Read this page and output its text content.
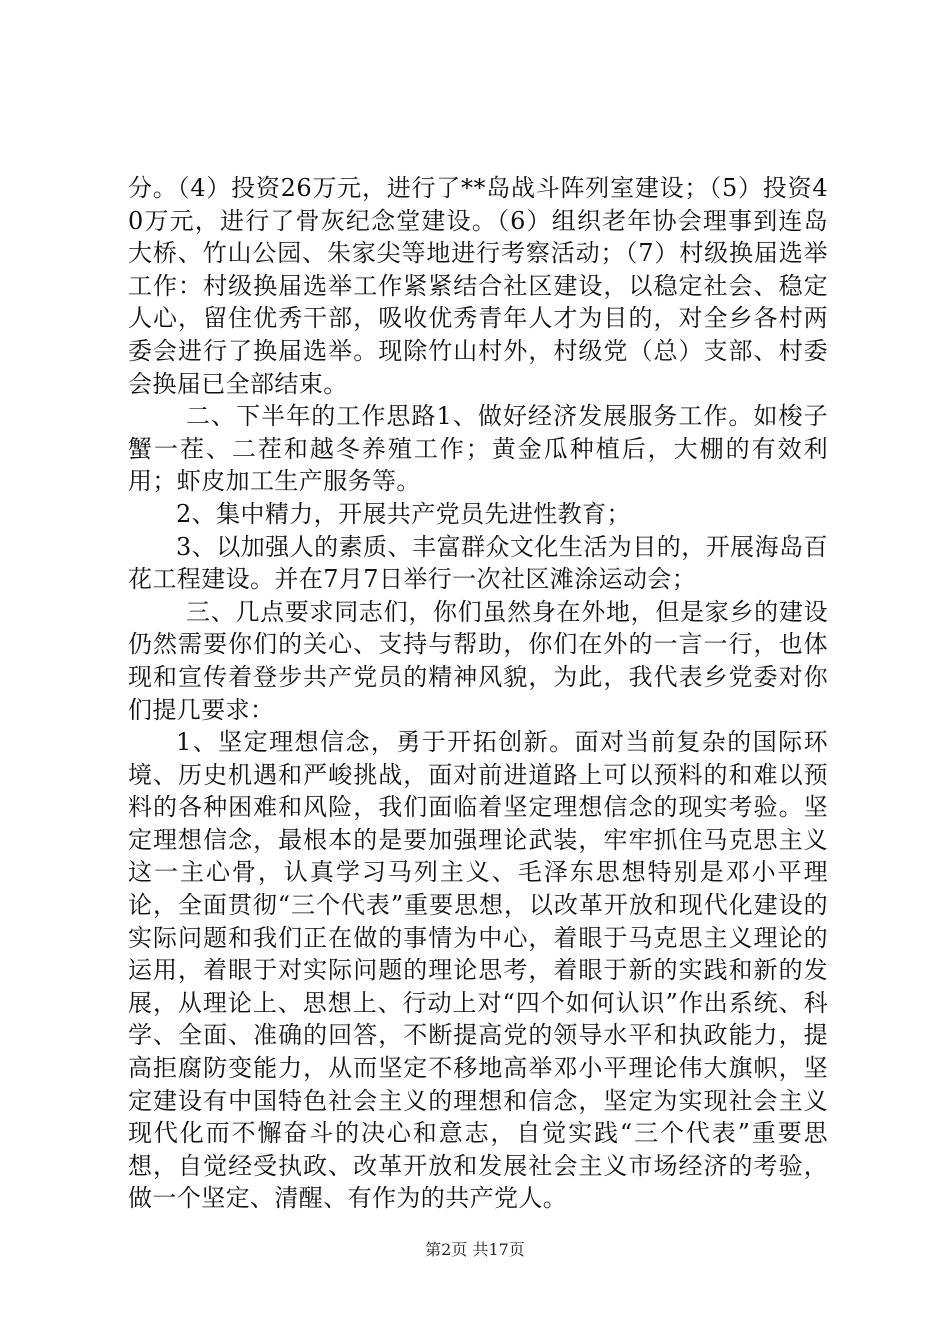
分。（4）投资26万元，进行了**岛战斗阵列室建设；（5）投资40万元，进行了骨灰纪念堂建设。（6）组织老年协会理事到连岛大桥、竹山公园、朱家尖等地进行考察活动；（7）村级换届选举工作：村级换届选举工作紧紧结合社区建设，以稳定社会、稳定人心，留住优秀干部，吸收优秀青年人才为目的，对全乡各村两委会进行了换届选举。现除竹山村外，村级党（总）支部、村委会换届已全部结束。

二、下半年的工作思路1、做好经济发展服务工作。如梭子蟹一茬、二茬和越冬养殖工作；黄金瓜种植后，大棚的有效利用；虾皮加工生产服务等。

2、集中精力，开展共产党员先进性教育；

3、以加强人的素质、丰富群众文化生活为目的，开展海岛百花工程建设。并在7月7日举行一次社区滩涂运动会；

三、几点要求同志们，你们虽然身在外地，但是家乡的建设仍然需要你们的关心、支持与帮助，你们在外的一言一行，也体现和宣传着登步共产党员的精神风貌，为此，我代表乡党委对你们提几要求：

1、坚定理想信念，勇于开拓创新。面对当前复杂的国际环境、历史机遇和严峻挑战，面对前进道路上可以预料的和难以预料的各种困难和风险，我们面临着坚定理想信念的现实考验。坚定理想信念，最根本的是要加强理论武装，牢牢抓住马克思主义这一主心骨，认真学习马列主义、毛泽东思想特别是邓小平理论，全面贯彻“三个代表”重要思想，以改革开放和现代化建设的实际问题和我们正在做的事情为中心，着眼于马克思主义理论的运用，着眼于对实际问题的理论思考，着眼于新的实践和新的发展，从理论上、思想上、行动上对“四个如何认识”作出系统、科学、全面、准确的回答，不断提高党的领导水平和执政能力，提高拒腐防变能力，从而坚定不移地高举邓小平理论伟大旗帜，坚定建设有中国特色社会主义的理想和信念，坚定为实现社会主义现代化而不懈奋斗的决心和意志，自觉实践“三个代表”重要思想，自觉经受执政、改革开放和发展社会主义市场经济的考验，做一个坚定、清醒、有作为的共产党人。

第2页 共17页
